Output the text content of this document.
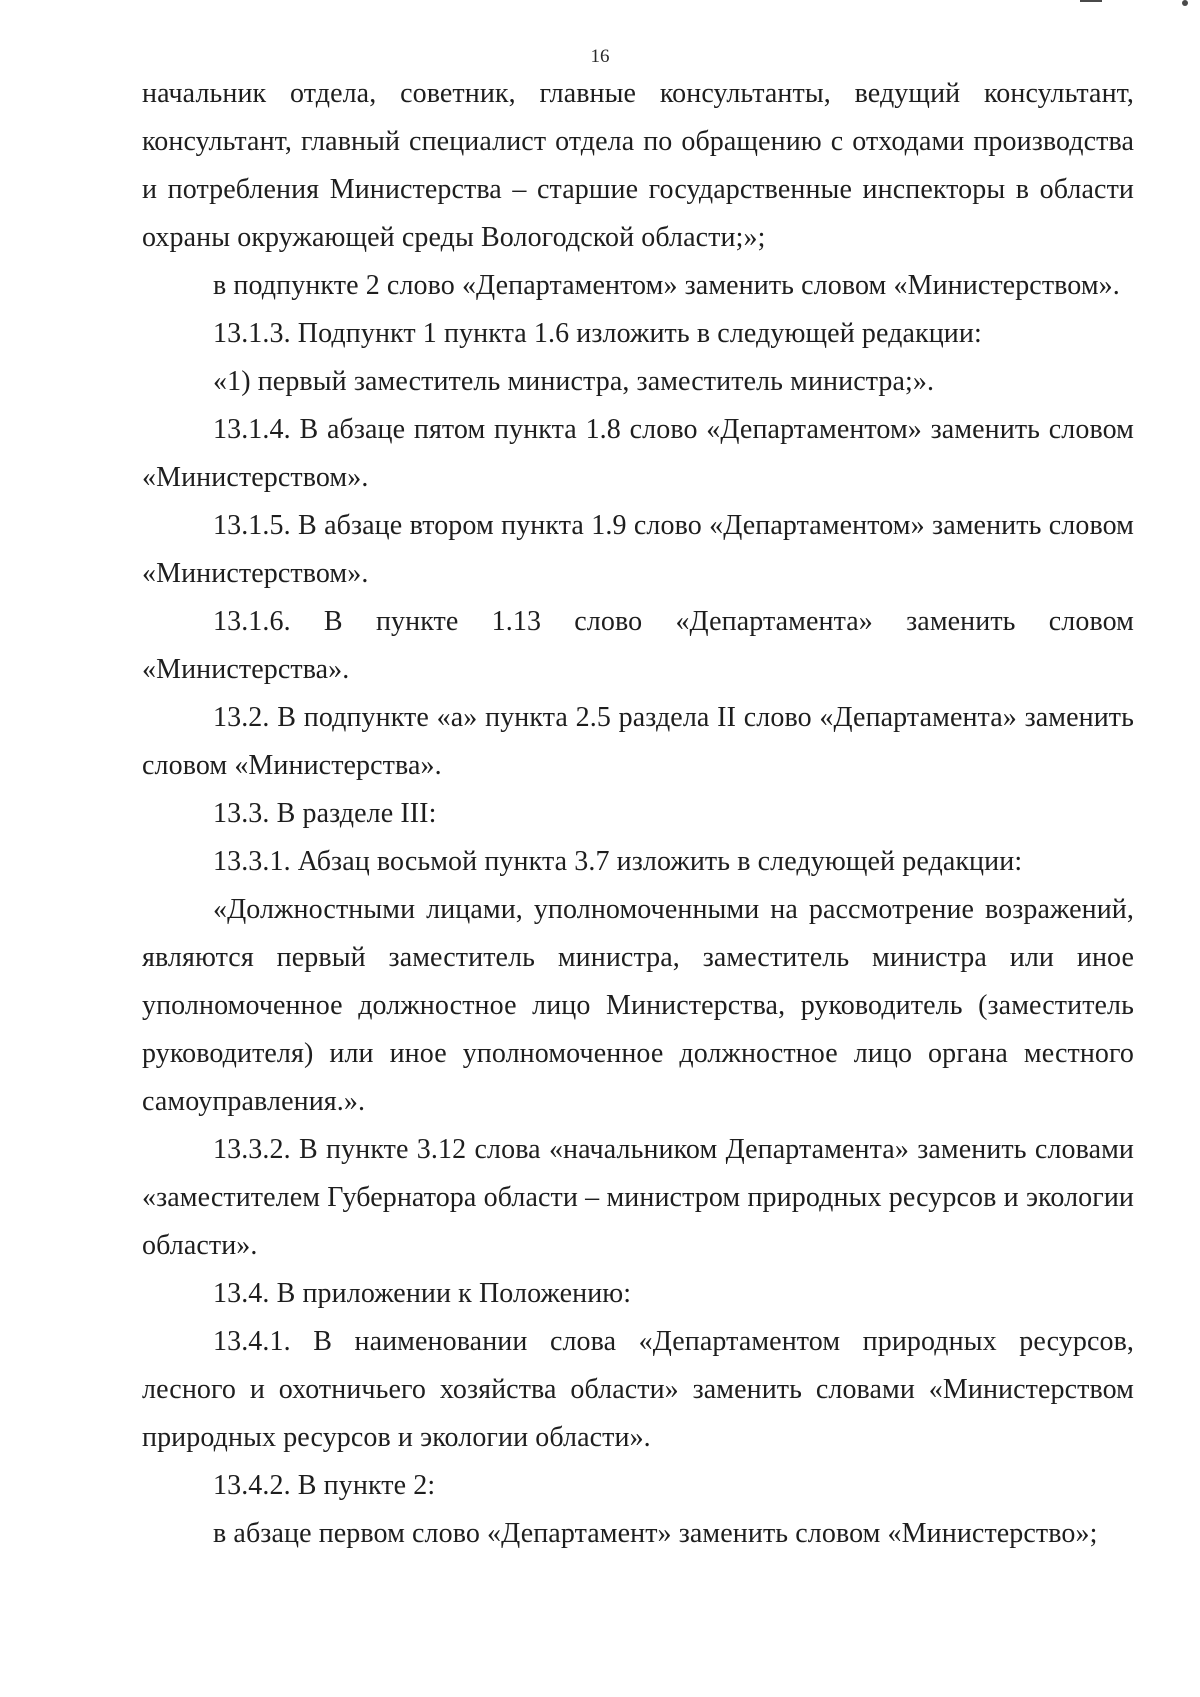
16

начальник отдела, советник, главные консультанты, ведущий консультант, консультант, главный специалист отдела по обращению с отходами производства и потребления Министерства – старшие государственные инспекторы в области охраны окружающей среды Вологодской области;»;

в подпункте 2 слово «Департаментом» заменить словом «Министерством».

13.1.3. Подпункт 1 пункта 1.6 изложить в следующей редакции:

«1) первый заместитель министра, заместитель министра;».

13.1.4. В абзаце пятом пункта 1.8 слово «Департаментом» заменить словом «Министерством».

13.1.5. В абзаце втором пункта 1.9 слово «Департаментом» заменить словом «Министерством».

13.1.6. В пункте 1.13 слово «Департамента» заменить словом «Министерства».

13.2. В подпункте «а» пункта 2.5 раздела II слово «Департамента» заменить словом «Министерства».

13.3. В разделе III:

13.3.1. Абзац восьмой пункта 3.7 изложить в следующей редакции:

«Должностными лицами, уполномоченными на рассмотрение возражений, являются первый заместитель министра, заместитель министра или иное уполномоченное должностное лицо Министерства, руководитель (заместитель руководителя) или иное уполномоченное должностное лицо органа местного самоуправления.».

13.3.2. В пункте 3.12 слова «начальником Департамента» заменить словами «заместителем Губернатора области – министром природных ресурсов и экологии области».

13.4. В приложении к Положению:

13.4.1. В наименовании слова «Департаментом природных ресурсов, лесного и охотничьего хозяйства области» заменить словами «Министерством природных ресурсов и экологии области».

13.4.2. В пункте 2:

в абзаце первом слово «Департамент» заменить словом «Министерство»;
